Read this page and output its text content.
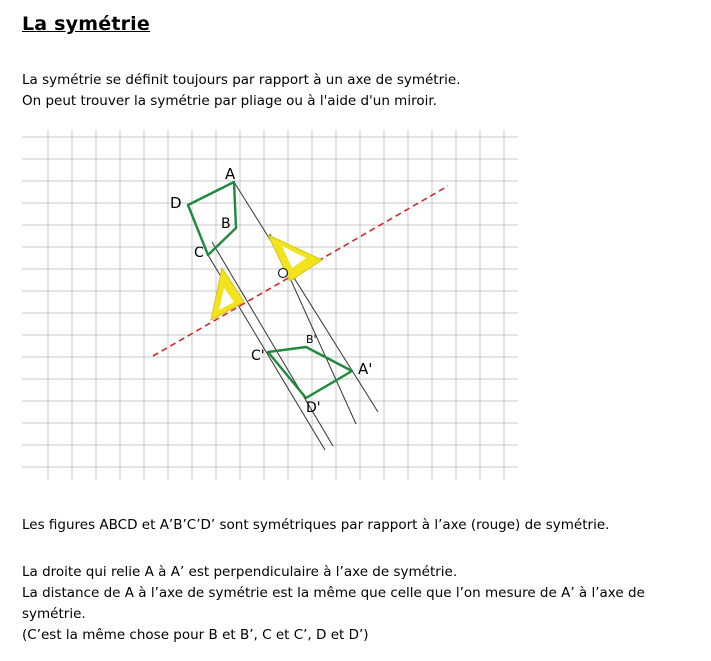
La symétrie
La symétrie se définit toujours par rapport à un axe de symétrie.
On peut trouver la symétrie par pliage ou à l'aide d'un miroir.
A
B
C
D
A'
B'
C'
D'
Les figures ABCD et A’B’C’D’ sont symétriques par rapport à l’axe (rouge) de symétrie.
La droite qui relie A à A’ est perpendiculaire à l’axe de symétrie.
La distance de A à l’axe de symétrie est la même que celle que l’on mesure de A’ à l’axe de symétrie.
(C’est la même chose pour B et B’, C et C’, D et D’)
